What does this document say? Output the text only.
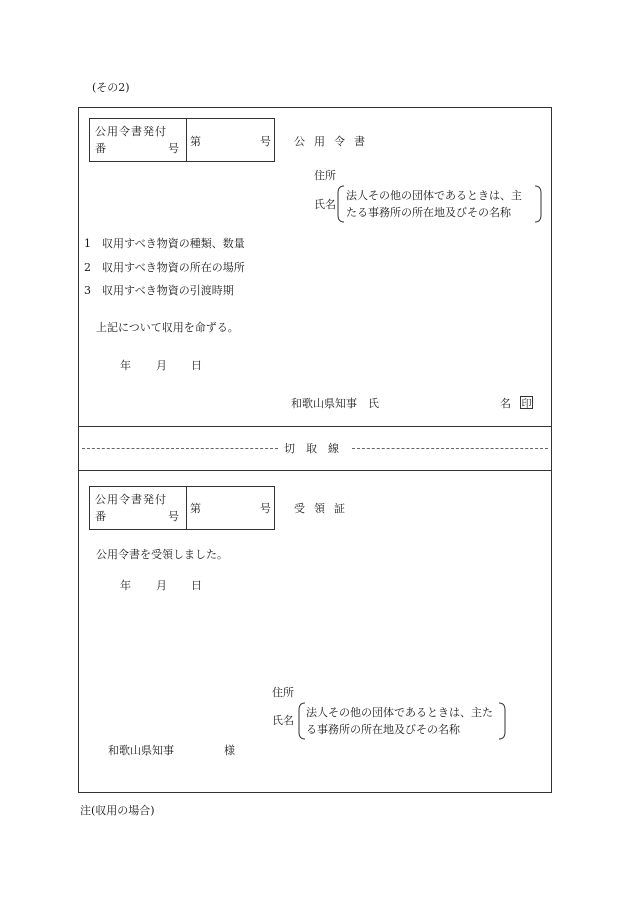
(その2)
公用令書発付
番	号
第	号 公用令書
住所
氏名
法人その他の団体であるときは、主
たる事務所の所在地及びその名称
1　収用すべき物資の種類、数量
2　収用すべき物資の所在の場所
3　収用すべき物資の引渡時期
上記について収用を命ずる。
年 月 日
和歌山県知事　氏	名 印
切　取　線
公用令書発付
番	号
第	号 受領証
公用令書を受領しました。
年 月 日
住所
氏名
法人その他の団体であるときは、主た
る事務所の所在地及びその名称
和歌山県知事	様
注(収用の場合)
